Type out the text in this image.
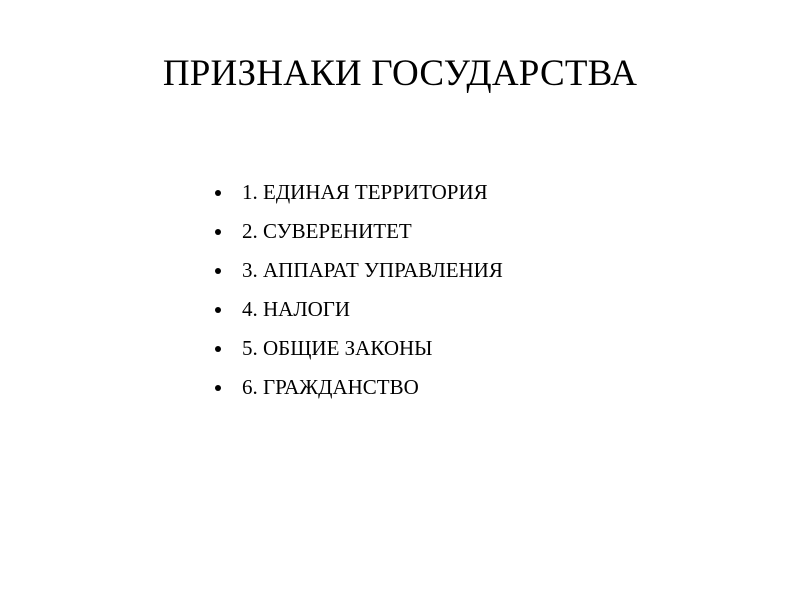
ПРИЗНАКИ ГОСУДАРСТВА
1. ЕДИНАЯ ТЕРРИТОРИЯ
2. СУВЕРЕНИТЕТ
3. АППАРАТ УПРАВЛЕНИЯ
4. НАЛОГИ
5. ОБЩИЕ ЗАКОНЫ
6. ГРАЖДАНСТВО
